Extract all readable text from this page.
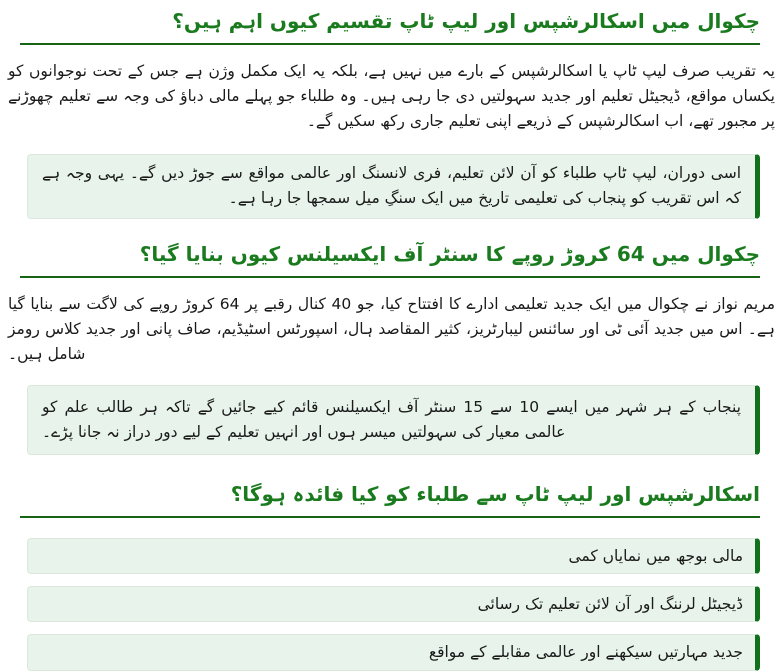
چکوال میں اسکالرشپس اور لیپ ٹاپ تقسیم کیوں اہم ہیں؟

یہ تقریب صرف لیپ ٹاپ یا اسکالرشپس کے بارے میں نہیں ہے، بلکہ یہ ایک مکمل وژن ہے جس کے تحت نوجوانوں کو یکساں مواقع، ڈیجیٹل تعلیم اور جدید سہولتیں دی جا رہی ہیں۔ وہ طلباء جو پہلے مالی دباؤ کی وجہ سے تعلیم چھوڑنے پر مجبور تھے، اب اسکالرشپس کے ذریعے اپنی تعلیم جاری رکھ سکیں گے۔

اسی دوران، لیپ ٹاپ طلباء کو آن لائن تعلیم، فری لانسنگ اور عالمی مواقع سے جوڑ دیں گے۔ یہی وجہ ہے کہ اس تقریب کو پنجاب کی تعلیمی تاریخ میں ایک سنگِ میل سمجھا جا رہا ہے۔

چکوال میں 64 کروڑ روپے کا سنٹر آف ایکسیلنس کیوں بنایا گیا؟

مریم نواز نے چکوال میں ایک جدید تعلیمی ادارے کا افتتاح کیا، جو 40 کنال رقبے پر 64 کروڑ روپے کی لاگت سے بنایا گیا ہے۔ اس میں جدید آئی ٹی اور سائنس لیبارٹریز، کثیر المقاصد ہال، اسپورٹس اسٹیڈیم، صاف پانی اور جدید کلاس رومز شامل ہیں۔

پنجاب کے ہر شہر میں ایسے 10 سے 15 سنٹر آف ایکسیلنس قائم کیے جائیں گے تاکہ ہر طالب علم کو عالمی معیار کی سہولتیں میسر ہوں اور انہیں تعلیم کے لیے دور دراز نہ جانا پڑے۔

اسکالرشپس اور لیپ ٹاپ سے طلباء کو کیا فائدہ ہوگا؟
مالی بوجھ میں نمایاں کمی
ڈیجیٹل لرننگ اور آن لائن تعلیم تک رسائی
جدید مہارتیں سیکھنے اور عالمی مقابلے کے مواقع
